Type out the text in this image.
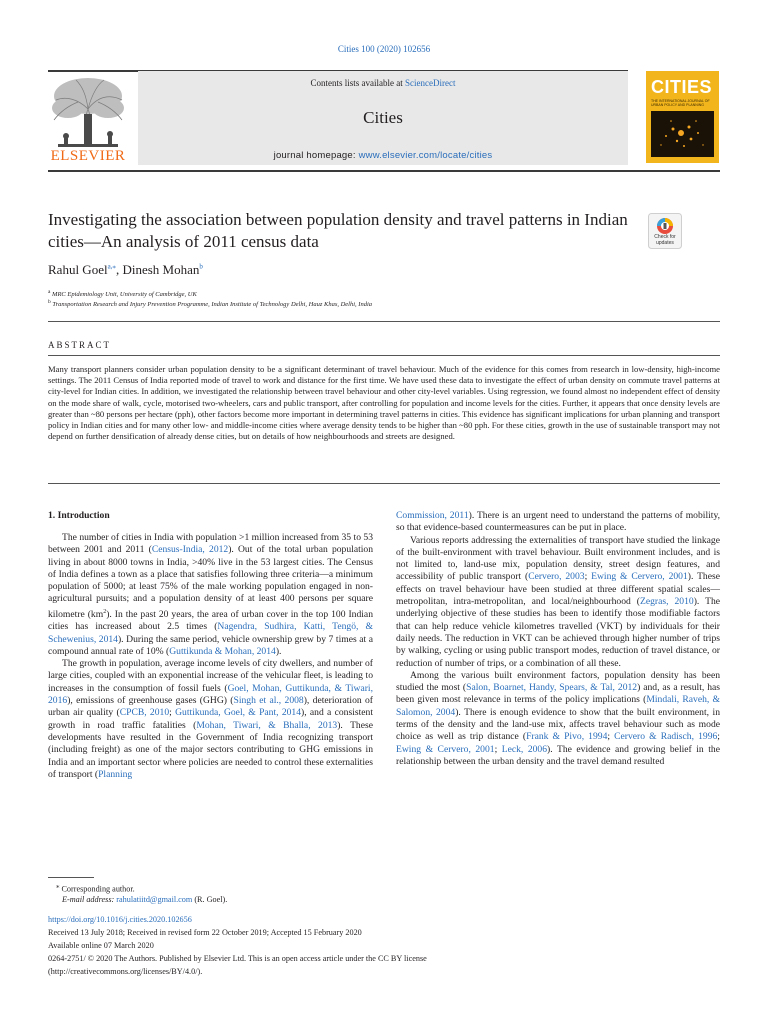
Cities 100 (2020) 102656
Contents lists available at ScienceDirect
Cities
journal homepage: www.elsevier.com/locate/cities
ELSEVIER
CITIES
THE INTERNATIONAL JOURNAL OF URBAN POLICY AND PLANNING
Investigating the association between population density and travel patterns in Indian cities—An analysis of 2011 census data	Check for updates
Rahul Goel$^{a,⁎}$, Dinesh Mohan$^b$
$^a$ MRC Epidemiology Unit, University of Cambridge, UK
$^b$ Transportation Research and Injury Prevention Programme, Indian Institute of Technology Delhi, Hauz Khas, Delhi, India
ABSTRACT
Many transport planners consider urban population density to be a significant determinant of travel behaviour. Much of the evidence for this comes from research in low-density, high-income settings. The 2011 Census of India reported mode of travel to work and distance for the first time. We have used these data to investigate the effect of urban density on commute travel patterns at city-level for Indian cities. In addition, we investigated the relationship between travel behaviour and other city-level variables. Using regression, we found almost no independent effect of density on the mode share of walk, cycle, motorised two-wheelers, cars and public transport, after controlling for population and income levels for the cities. Further, it appears that once density levels are greater than ~80 persons per hectare (pph), other factors become more important in determining travel patterns in cities. This evidence has significant implications for urban planning and transport policy in Indian cities and for many other low- and middle-income cities where average density tends to be higher than ~80 pph. For these cities, growth in the use of sustainable transport may not depend on further densification of already dense cities, but on details of how neighbourhoods and streets are designed.
1. Introduction

The number of cities in India with population >1 million increased from 35 to 53 between 2001 and 2011 (Census-India, 2012). Out of the total urban population living in about 8000 towns in India, >40% live in the 53 largest cities. The Census of India defines a town as a place that satisfies following three criteria—a minimum population of 5000; at least 75% of the male working population engaged in non-agricultural pursuits; and a population density of at least 400 persons per square kilometre $(km^2)$. In the past 20 years, the area of urban cover in the top 100 Indian cities has increased about 2.5 times (Nagendra, Sudhira, Katti, Tengö, & Schewenius, 2014). During the same period, vehicle ownership grew by 7 times at a compound annual rate of 10% (Guttikunda & Mohan, 2014).

The growth in population, average income levels of city dwellers, and number of large cities, coupled with an exponential increase of the vehicular fleet, is leading to increases in the consumption of fossil fuels (Goel, Mohan, Guttikunda, & Tiwari, 2016), emissions of greenhouse gases (GHG) (Singh et al., 2008), deterioration of urban air quality (CPCB, 2010; Guttikunda, Goel, & Pant, 2014), and a consistent growth in road traffic fatalities (Mohan, Tiwari, & Bhalla, 2013). These developments have resulted in the Government of India recognizing transport (including freight) as one of the major sectors contributing to GHG emissions in India and an important sector where policies are needed to control these externalities of transport (Planning

Commission, 2011). There is an urgent need to understand the patterns of mobility, so that evidence-based countermeasures can be put in place.

Various reports addressing the externalities of transport have studied the linkage of the built-environment with travel behaviour. Built environment includes, and is not limited to, land-use mix, population density, street design features, and accessibility of public transport (Cervero, 2003; Ewing & Cervero, 2001). These effects on travel behaviour have been studied at three different spatial scales— metropolitan, intra-metropolitan, and local/neighbourhood (Zegras, 2010). The underlying objective of these studies has been to identify those modifiable factors that can help reduce vehicle kilometres travelled (VKT) by individuals for their daily needs. The reduction in VKT can be achieved through higher number of trips by walking, cycling or using public transport modes, reduction of travel distance, or reduction of number of trips, or a combination of all these.

Among the various built environment factors, population density has been studied the most (Salon, Boarnet, Handy, Spears, & Tal, 2012) and, as a result, has been given most relevance in terms of the policy implications (Mindali, Raveh, & Salomon, 2004). There is enough evidence to show that the built environment, in terms of the density and the land-use mix, affects travel behaviour such as mode choice as well as trip distance (Frank & Pivo, 1994; Cervero & Radisch, 1996; Ewing & Cervero, 2001; Leck, 2006). The evidence and growing belief in the relationship between the urban density and the travel demand resulted

⁎ Corresponding author.
E-mail address: rahulatiitd@gmail.com (R. Goel).
https://doi.org/10.1016/j.cities.2020.102656
Received 13 July 2018; Received in revised form 22 October 2019; Accepted 15 February 2020
Available online 07 March 2020
0264-2751/ © 2020 The Authors. Published by Elsevier Ltd. This is an open access article under the CC BY license
(http://creativecommons.org/licenses/BY/4.0/).
